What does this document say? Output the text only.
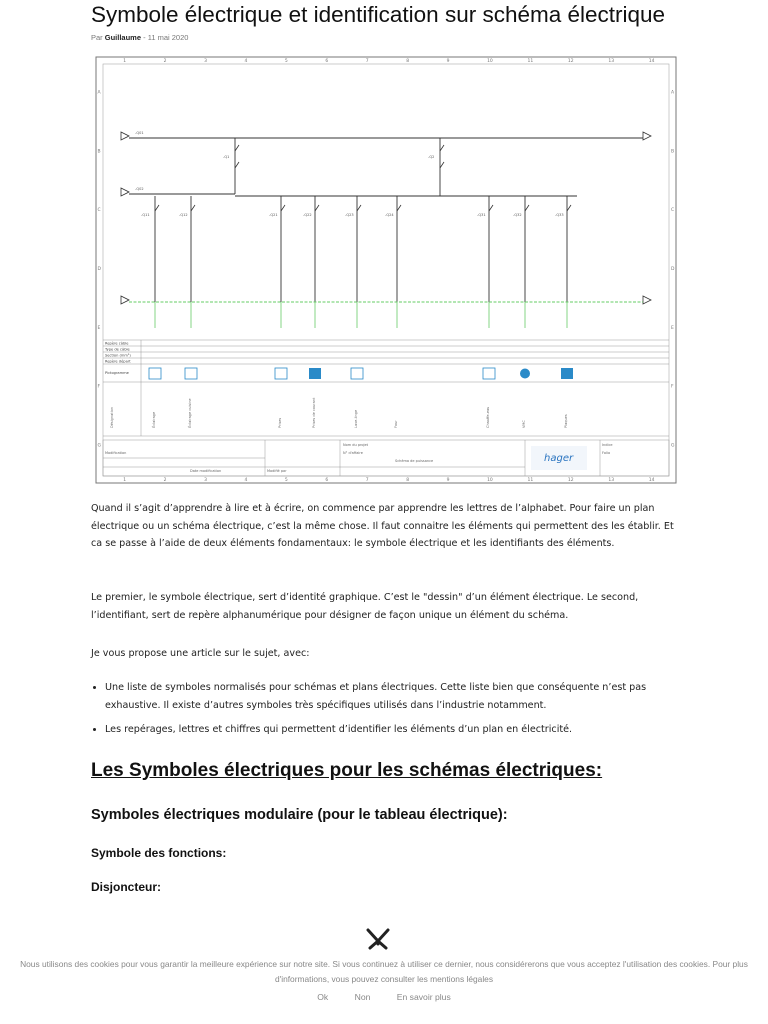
Symbole électrique et identification sur schéma électrique
Par Guillaume - 11 mai 2020
1
1
2
2
3
3
4
4
5
5
6
6
7
7
8
8
9
9
10
10
11
11
12
12
13
13
14
14
A	A
B	B
C	C
D	D
E	E
F	F
G	G
-Q01
-Q02
-Q1	-Q2
-Q11	-Q12	-Q21	-Q22	-Q23	-Q24	-Q31	-Q32	-Q33
Repère câble
Type de câble
Section (mm²)
Repère départ
Pictogramme
Désignation	Éclairage	Éclairage cuisine	Prises	Prises de courant	Lave-linge	Four	Chauffe-eau	VMC	Plaques
Modification
Date modification	Modifié par
Nom du projet
N° d'affaire
Schéma de puissance
Folio
Indice
hager

Quand il s’agit d’apprendre à lire et à écrire, on commence par apprendre les lettres de l’alphabet. Pour faire un plan électrique ou un schéma électrique, c’est la même chose. Il faut connaitre les éléments qui permettent des les établir. Et ca se passe à l’aide de deux éléments fondamentaux: le symbole électrique et les identifiants des éléments.

Le premier, le symbole électrique, sert d’identité graphique. C’est le "dessin" d’un élément électrique. Le second, l’identifiant, sert de repère alphanumérique pour désigner de façon unique un élément du schéma.

Je vous propose une article sur le sujet, avec:

• Une liste de symboles normalisés pour schémas et plans électriques. Cette liste bien que conséquente n’est pas exhaustive. Il existe d’autres symboles très spécifiques utilisés dans l’industrie notamment.
• Les repérages, lettres et chiffres qui permettent d’identifier les éléments d’un plan en électricité.
Les Symboles électriques pour les schémas électriques:
Symboles électriques modulaire (pour le tableau électrique):
Symbole des fonctions:
Disjoncteur:

Nous utilisons des cookies pour vous garantir la meilleure expérience sur notre site. Si vous continuez à utiliser ce dernier, nous considérerons que vous acceptez l'utilisation des cookies. Pour plus d'informations, vous pouvez consulter les mentions légales

Ok	Non	En savoir plus
